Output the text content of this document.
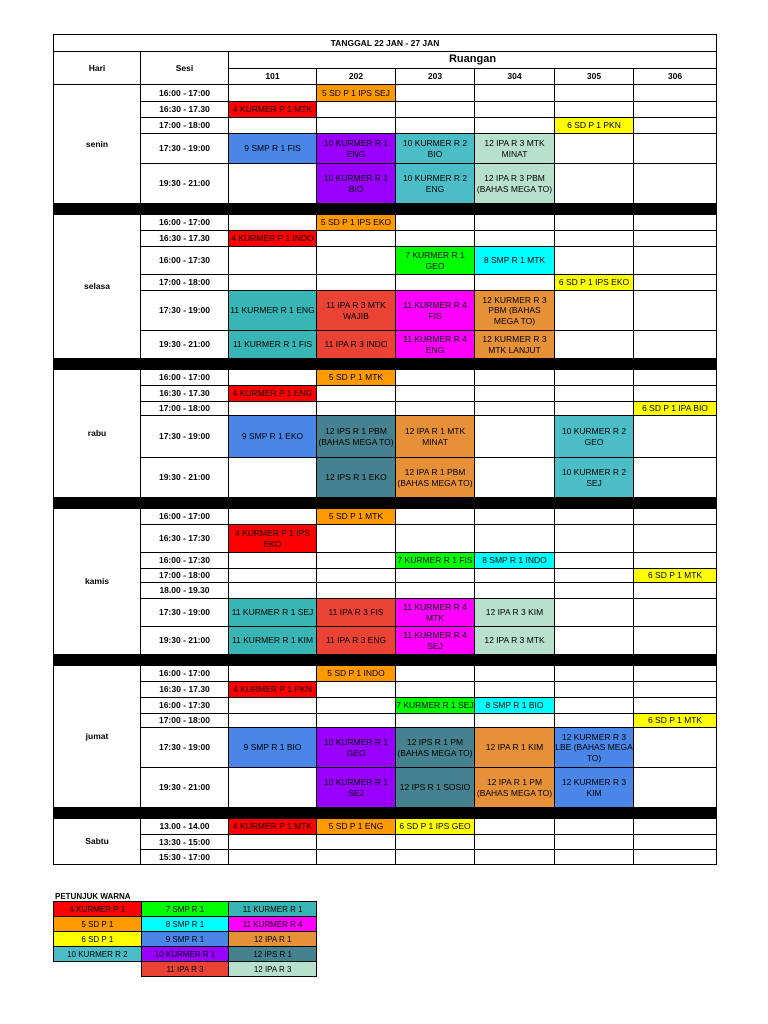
TANGGAL 22 JAN - 27 JAN							
Hari	Sesi	Ruangan					
		101	202	203	304	305	306
senin	16:00 - 17:00		5 SD P 1 IPS SEJ				
	16:30 - 17.30	4 KURMER P 1 MTK					
	17:00 - 18:00					6 SD P 1 PKN	
	17:30 - 19:00	9 SMP R 1 FIS	10 KURMER R 1 ENG	10 KURMER R 2 BIO	12 IPA R 3 MTK MINAT		
	19:30 - 21:00		10 KURMER R 1 BIO	10 KURMER R 2 ENG	12 IPA R 3 PBM (BAHAS MEGA TO)		

selasa	16:00 - 17:00		5 SD P 1 IPS EKO				
	16:30 - 17.30	4 KURMER P 1 INDO					
	16:00 - 17:30			7 KURMER R 1 GEO	8 SMP R 1 MTK		
	17:00 - 18:00					6 SD P 1 IPS EKO	
	17:30 - 19:00	11 KURMER R 1 ENG	11 IPA R 3 MTK WAJIB	11 KURMER R 4 FIS	12 KURMER R 3 PBM (BAHAS MEGA TO)		
	19:30 - 21:00	11 KURMER R 1 FIS	11 IPA R 3 INDO	11 KURMER R 4 ENG	12 KURMER R 3 MTK LANJUT		

rabu	16:00 - 17:00		5 SD P 1 MTK				
	16:30 - 17.30	4 KURMER P 1 ENG					
	17:00 - 18:00						6 SD P 1 IPA BIO
	17:30 - 19:00	9 SMP R 1 EKO	12 IPS R 1 PBM (BAHAS MEGA TO)	12 IPA R 1 MTK MINAT		10 KURMER R 2 GEO	
	19:30 - 21:00		12 IPS R 1 EKO	12 IPA R 1 PBM (BAHAS MEGA TO)		10 KURMER R 2 SEJ	

kamis	16:00 - 17:00		5 SD P 1 MTK				
	16:30 - 17:30	4 KURMER P 1 IPS EKO					
	16:00 - 17:30			7 KURMER R 1 FIS	8 SMP R 1 INDO		
	17:00 - 18:00						6 SD P 1 MTK
	18.00 - 19.30						
	17:30 - 19:00	11 KURMER R 1 SEJ	11 IPA R 3 FIS	11 KURMER R 4 MTK	12 IPA R 3 KIM		
	19:30 - 21:00	11 KURMER R 1 KIM	11 IPA R 3 ENG	11 KURMER R 4 SEJ	12 IPA R 3 MTK		

jumat	16:00 - 17:00		5 SD P 1 INDO				
	16:30 - 17.30	4 KURMER P 1 PKN					
	16:00 - 17:30			7 KURMER R 1 SEJ	8 SMP R 1 BIO		
	17:00 - 18:00						6 SD P 1 MTK
	17:30 - 19:00	9 SMP R 1 BIO	10 KURMER R 1 GEO	12 IPS R 1 PM (BAHAS MEGA TO)	12 IPA R 1 KIM	12 KURMER R 3 LBE (BAHAS MEGA TO)	
	19:30 - 21:00		10 KURMER R 1 SEJ	12 IPS R 1 SOSIO	12 IPA R 1 PM (BAHAS MEGA TO)	12 KURMER R 3 KIM	

Sabtu	13.00 - 14.00	4 KURMER P 1 MTK	5 SD P 1 ENG	6 SD P 1 IPS GEO			
	13:30 - 15:00						
	15:30 - 17:00						
PETUNJUK WARNA
4 KURMER P 1	7 SMP R 1	11 KURMER R 1
5 SD P 1	8 SMP R 1	11 KURMER R 4
6 SD P 1	9 SMP R 1	12 IPA R 1
10 KURMER R 2	10 KURMER R 1	12 IPS R 1
	11 IPA R 3	12 IPA R 3
